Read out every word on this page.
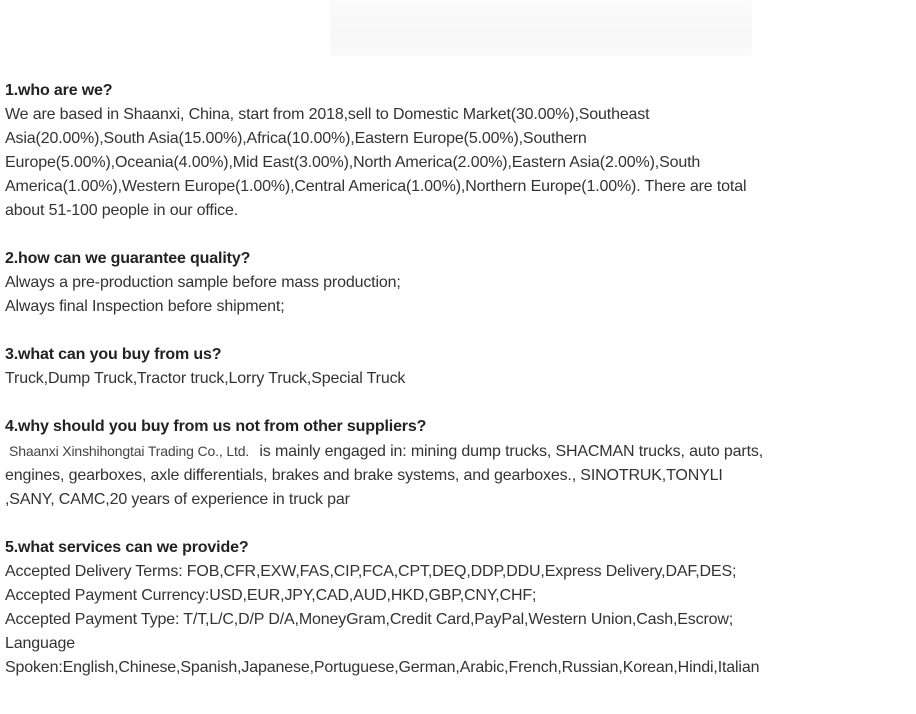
1.who are we?

We are based in Shaanxi, China, start from 2018,sell to Domestic Market(30.00%),Southeast Asia(20.00%),South Asia(15.00%),Africa(10.00%),Eastern Europe(5.00%),Southern Europe(5.00%),Oceania(4.00%),Mid East(3.00%),North America(2.00%),Eastern Asia(2.00%),South America(1.00%),Western Europe(1.00%),Central America(1.00%),Northern Europe(1.00%). There are total about 51-100 people in our office.

2.how can we guarantee quality?

Always a pre-production sample before mass production;

Always final Inspection before shipment;

3.what can you buy from us?

Truck,Dump Truck,Tractor truck,Lorry Truck,Special Truck

4.why should you buy from us not from other suppliers?

Shaanxi Xinshihongtai Trading Co., Ltd. is mainly engaged in: mining dump trucks, SHACMAN trucks, auto parts, engines, gearboxes, axle differentials, brakes and brake systems, and gearboxes., SINOTRUK,TONYLI ,SANY, CAMC,20 years of experience in truck par

5.what services can we provide?

Accepted Delivery Terms: FOB,CFR,EXW,FAS,CIP,FCA,CPT,DEQ,DDP,DDU,Express Delivery,DAF,DES;

Accepted Payment Currency:USD,EUR,JPY,CAD,AUD,HKD,GBP,CNY,CHF;

Accepted Payment Type: T/T,L/C,D/P D/A,MoneyGram,Credit Card,PayPal,Western Union,Cash,Escrow;

Language

Spoken:English,Chinese,Spanish,Japanese,Portuguese,German,Arabic,French,Russian,Korean,Hindi,Italian
